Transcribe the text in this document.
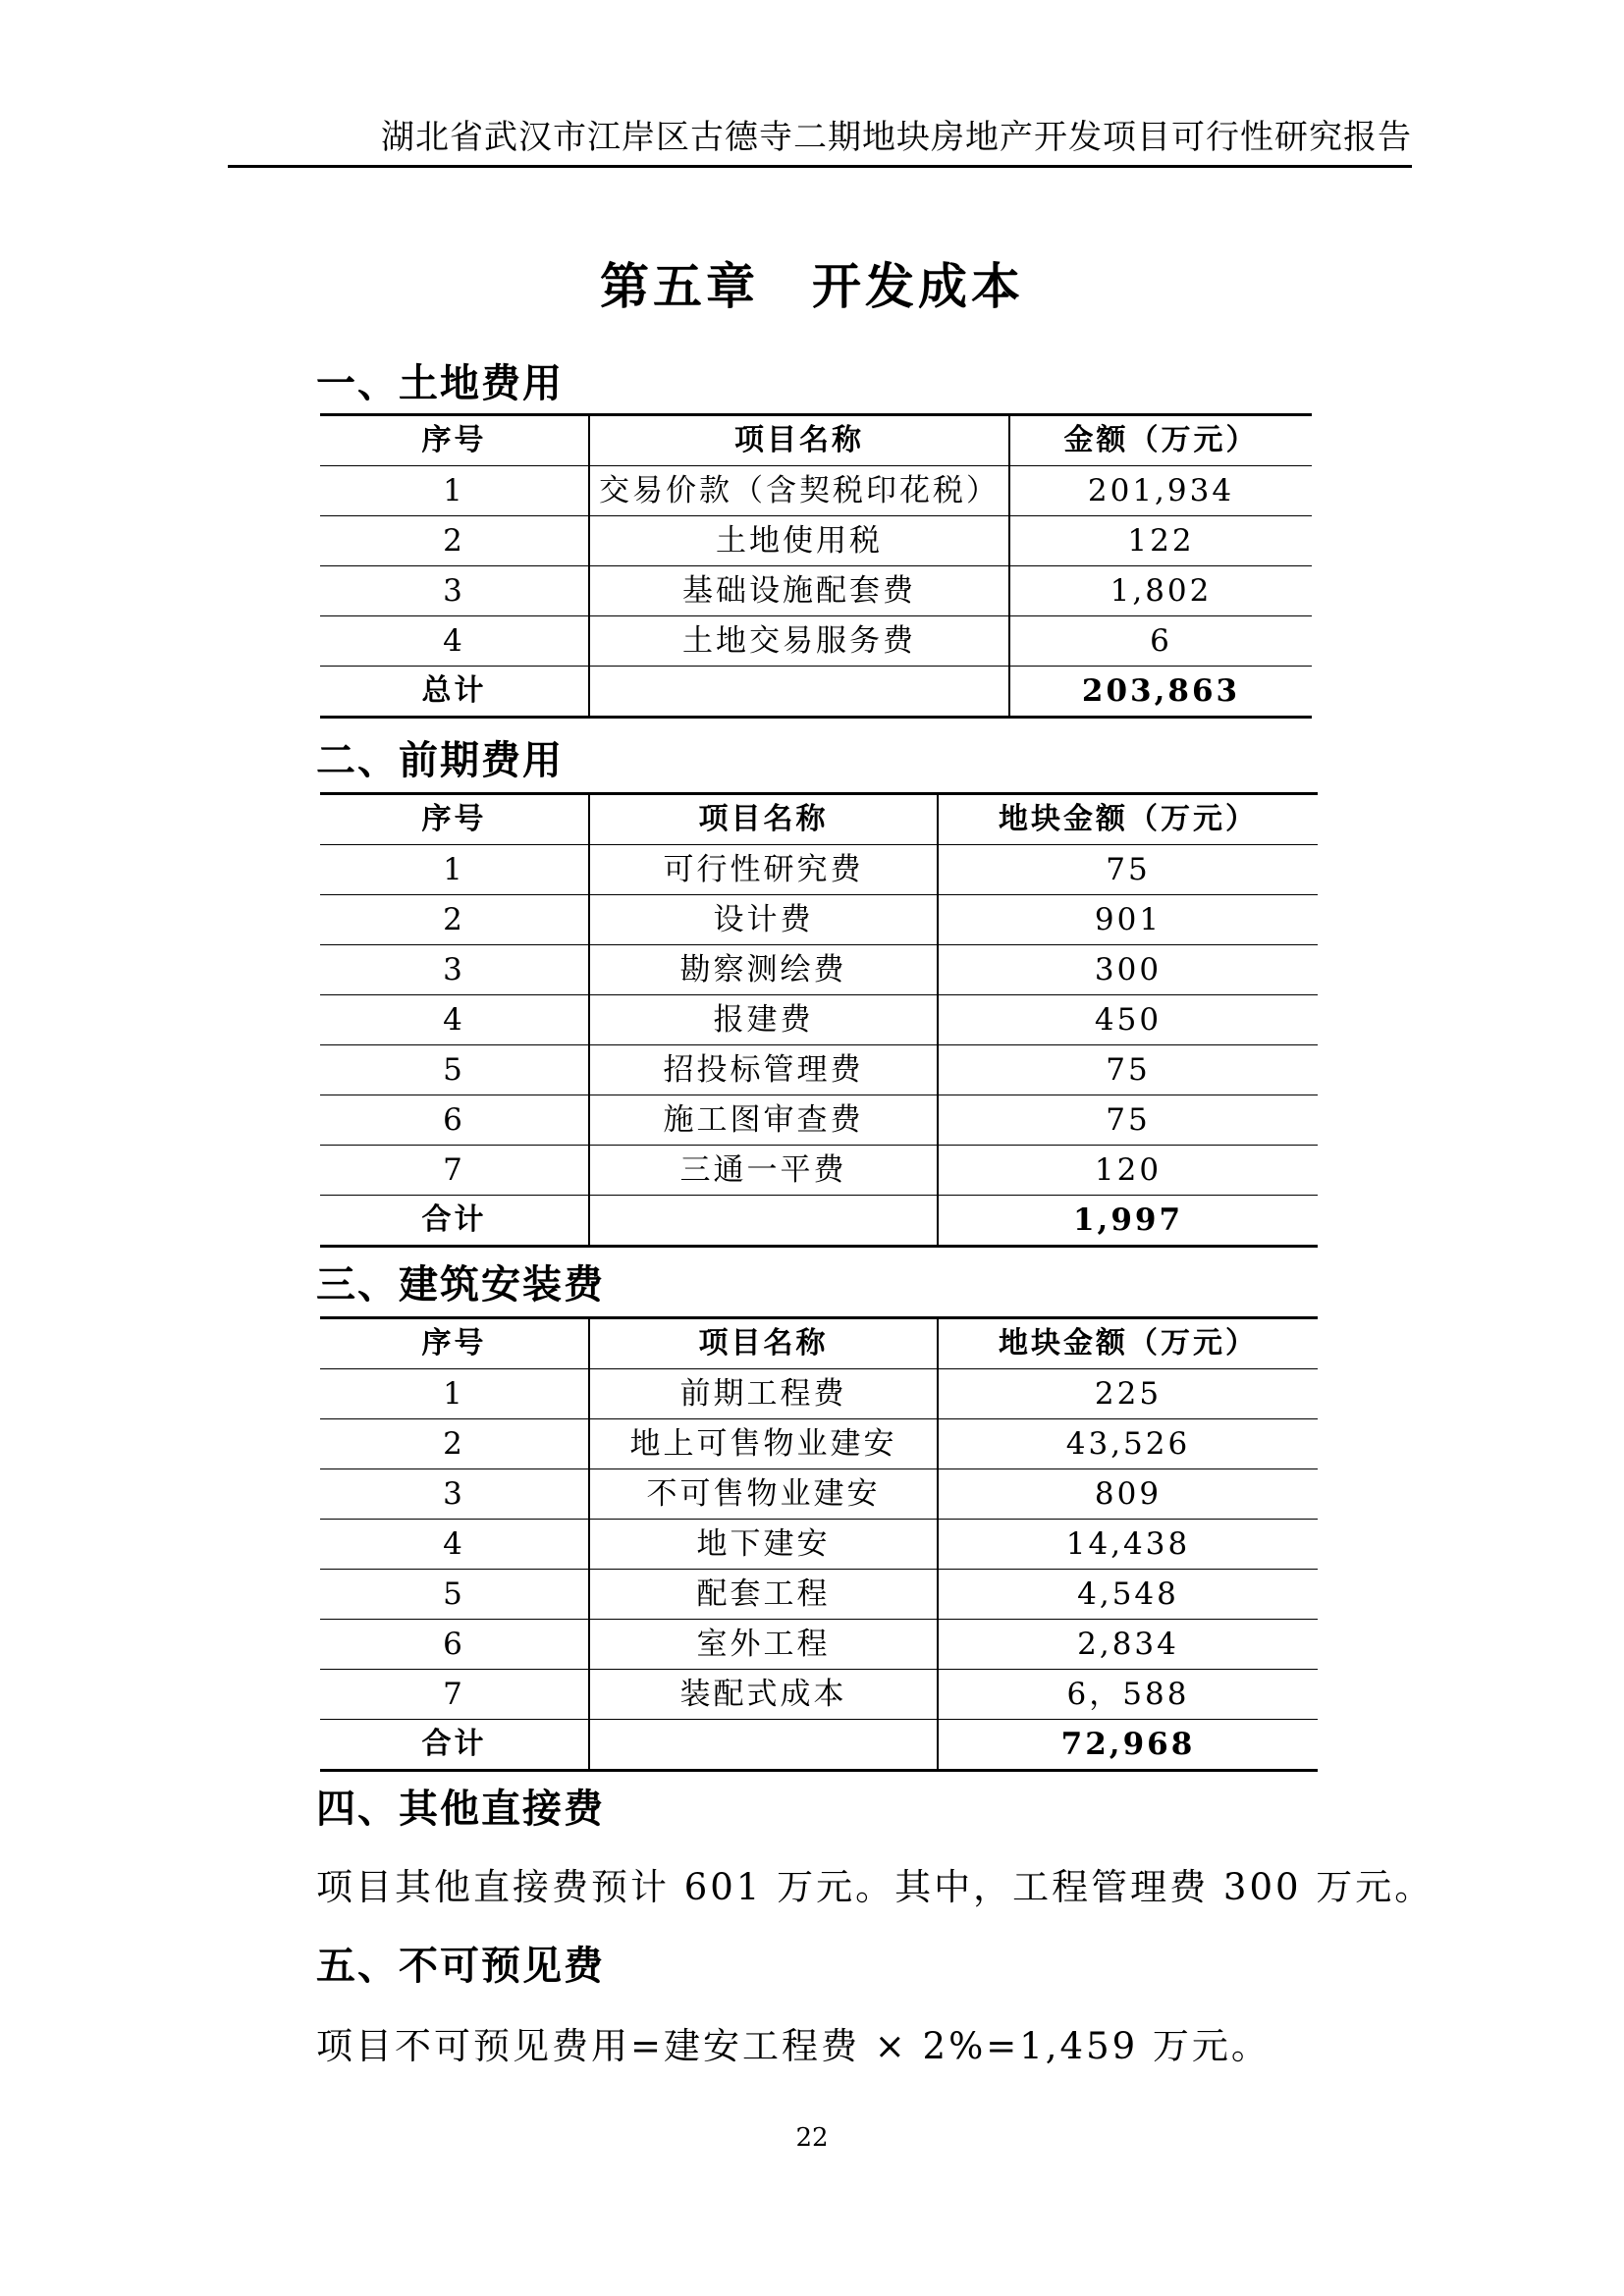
湖北省武汉市江岸区古德寺二期地块房地产开发项目可行性研究报告
第五章　开发成本
一、土地费用
序号	项目名称	金额（万元）
1	交易价款（含契税印花税）	201,934
2	土地使用税	122
3	基础设施配套费	1,802
4	土地交易服务费	6
总计		203,863
二、前期费用
序号	项目名称	地块金额（万元）
1	可行性研究费	75
2	设计费	901
3	勘察测绘费	300
4	报建费	450
5	招投标管理费	75
6	施工图审查费	75
7	三通一平费	120
合计		1,997
三、建筑安装费
序号	项目名称	地块金额（万元）
1	前期工程费	225
2	地上可售物业建安	43,526
3	不可售物业建安	809
4	地下建安	14,438
5	配套工程	4,548
6	室外工程	2,834
7	装配式成本	6，588
合计		72,968
四、其他直接费
项目其他直接费预计 601 万元。其中，工程管理费 300 万元。
五、不可预见费
项目不可预见费用=建安工程费 × 2%=1,459 万元。
22
